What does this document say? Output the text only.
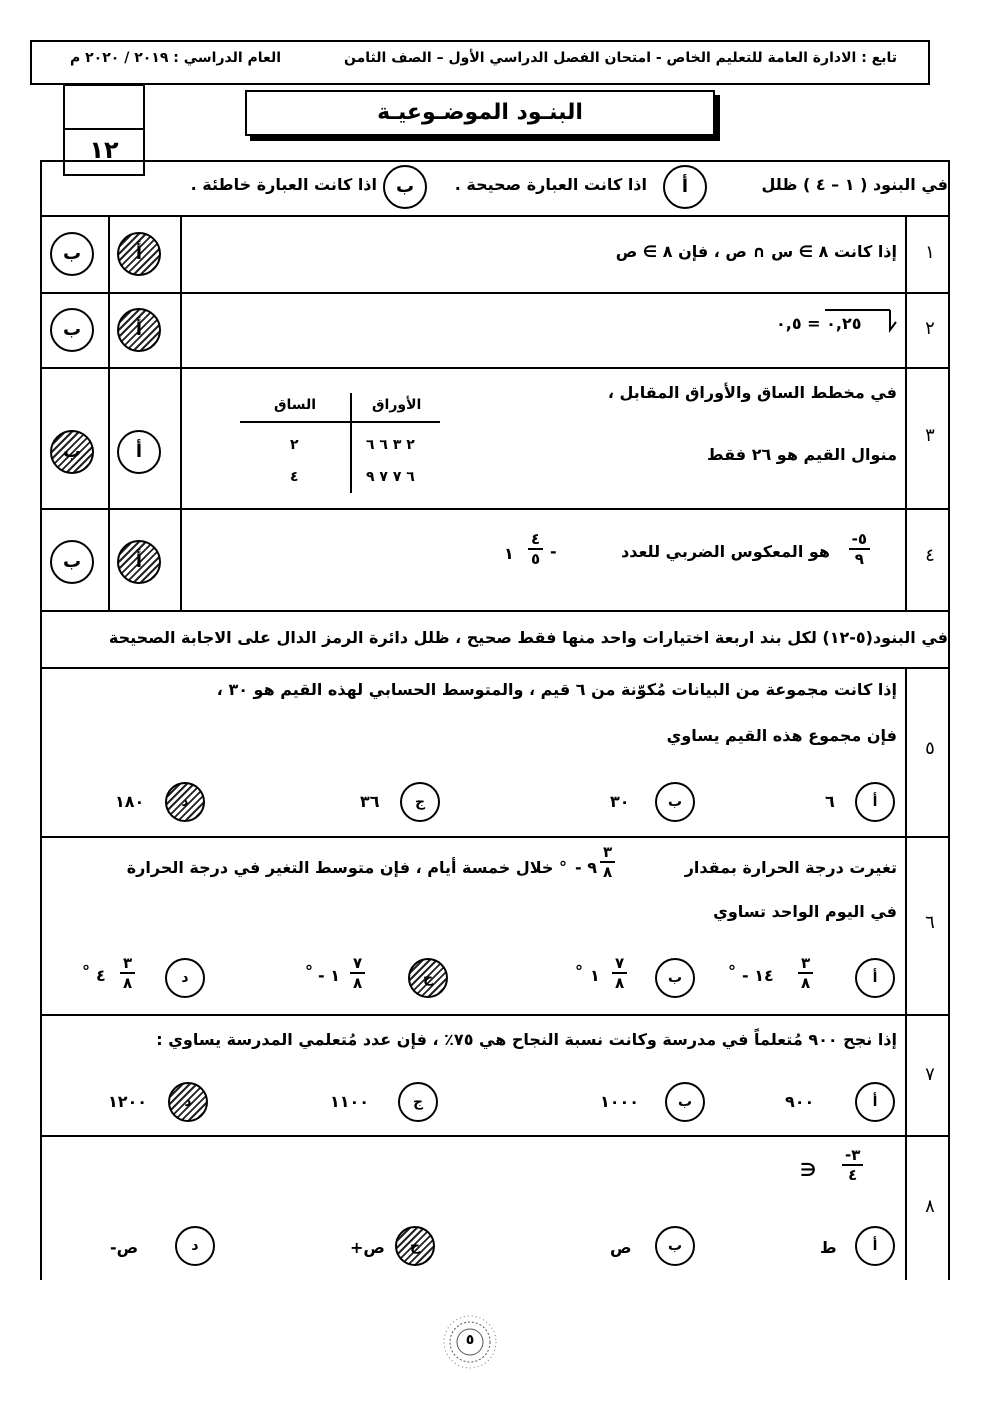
تابع : الادارة العامة للتعليم الخاص - امتحان الفصل الدراسي الأول – الصف الثامن
العام الدراسي : ٢٠١٩ / ٢٠٢٠ م
١٢
البنـود الموضـوعيـة
في البنود ( ١ – ٤ ) ظلل
أ
اذا كانت العبارة صحيحة .
ب
اذا كانت العبارة خاطئة .
١
إذا كانت ٨ ∋ س ∩ ص ، فإن ٨ ∋ ص
أ
ب
٢
٠,٢٥ = ٠,٥
أ
ب
٣
في مخطط الساق والأوراق المقابل ،
منوال القيم هو ٢٦ فقط
الأوراق
الساق
٢ ٣ ٦ ٦
٢
٦ ٧ ٧ ٩
٤
أ
ب
٤
-٥
٩
هو المعكوس الضربي للعدد
-
٤
٥
١
أ
ب
في البنود(٥-١٢) لكل بند اربعة اختيارات واحد منها فقط صحيح ، ظلل دائرة الرمز الدال على الاجابة الصحيحة
٥
إذا كانت مجموعة من البيانات مُكوّنة من ٦ قيم ، والمتوسط الحسابي لهذه القيم هو ٣٠ ،
فإن مجموع هذه القيم يساوي
أ
٦
ب
٣٠
ج
٣٦
د
١٨٠
٦
تغيرت درجة الحرارة بمقدار
- ٩
٣
٨
° خلال خمسة أيام ، فإن متوسط التغير في درجة الحرارة
في اليوم الواحد تساوي
أ
٣
٨
- ١٤
°
ب
٧
٨
١
°
ج
٧
٨
- ١
°
د
٣
٨
٤
°
٧
إذا نجح ٩٠٠ مُتعلماً في مدرسة وكانت نسبة النجاح هي ٧٥٪ ، فإن عدد مُتعلمي المدرسة يساوي :
أ
٩٠٠
ب
١٠٠٠
ج
١١٠٠
د
١٢٠٠
٨
-٣
٤
∋
أ
ط
ب
ص
ج
ص+
د
ص-
٥
